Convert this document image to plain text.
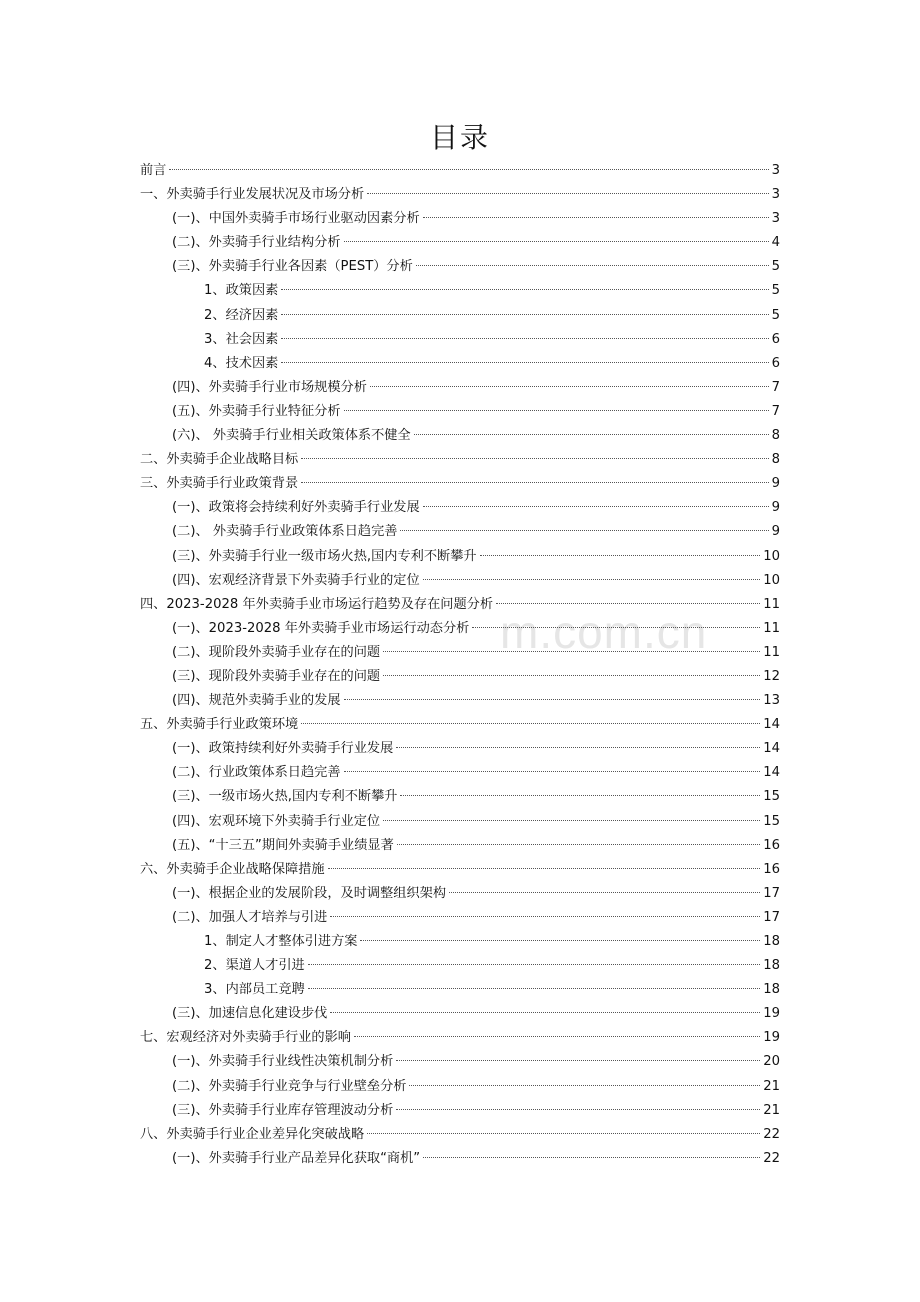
m.com.cn
目录
前言	3
一、外卖骑手行业发展状况及市场分析	3
(一)、中国外卖骑手市场行业驱动因素分析	3
(二)、外卖骑手行业结构分析	4
(三)、外卖骑手行业各因素（PEST）分析	5
1、政策因素	5
2、经济因素	5
3、社会因素	6
4、技术因素	6
(四)、外卖骑手行业市场规模分析	7
(五)、外卖骑手行业特征分析	7
(六)、 外卖骑手行业相关政策体系不健全	8
二、外卖骑手企业战略目标	8
三、外卖骑手行业政策背景	9
(一)、政策将会持续利好外卖骑手行业发展	9
(二)、 外卖骑手行业政策体系日趋完善	9
(三)、外卖骑手行业一级市场火热,国内专利不断攀升	10
(四)、宏观经济背景下外卖骑手行业的定位	10
四、2023-2028 年外卖骑手业市场运行趋势及存在问题分析	11
(一)、2023-2028 年外卖骑手业市场运行动态分析	11
(二)、现阶段外卖骑手业存在的问题	11
(三)、现阶段外卖骑手业存在的问题	12
(四)、规范外卖骑手业的发展	13
五、外卖骑手行业政策环境	14
(一)、政策持续利好外卖骑手行业发展	14
(二)、行业政策体系日趋完善	14
(三)、一级市场火热,国内专利不断攀升	15
(四)、宏观环境下外卖骑手行业定位	15
(五)、“十三五”期间外卖骑手业绩显著	16
六、外卖骑手企业战略保障措施	16
(一)、根据企业的发展阶段，及时调整组织架构	17
(二)、加强人才培养与引进	17
1、制定人才整体引进方案	18
2、渠道人才引进	18
3、内部员工竞聘	18
(三)、加速信息化建设步伐	19
七、宏观经济对外卖骑手行业的影响	19
(一)、外卖骑手行业线性决策机制分析	20
(二)、外卖骑手行业竞争与行业壁垒分析	21
(三)、外卖骑手行业库存管理波动分析	21
八、外卖骑手行业企业差异化突破战略	22
(一)、外卖骑手行业产品差异化获取“商机”	22
